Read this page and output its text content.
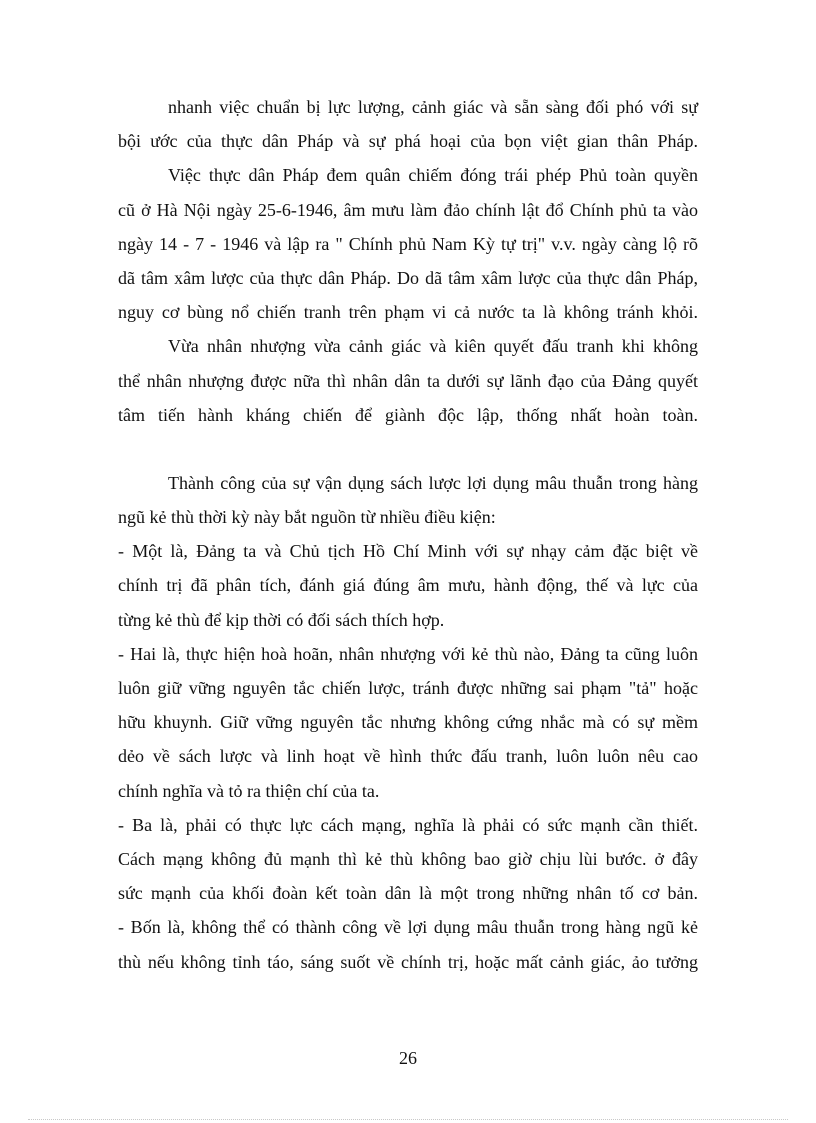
nhanh việc chuẩn bị lực lượng, cảnh giác và sẵn sàng đối phó với sự
bội ước của thực dân Pháp và sự phá hoại của bọn việt gian thân Pháp.
Việc thực dân Pháp đem quân chiếm đóng trái phép Phủ toàn quyền
cũ ở Hà Nội ngày 25-6-1946, âm mưu làm đảo chính lật đổ Chính phủ ta vào
ngày 14 - 7 - 1946 và lập ra " Chính phủ Nam Kỳ tự trị" v.v. ngày càng lộ rõ
dã tâm xâm lược của thực dân Pháp. Do dã tâm xâm lược của thực dân Pháp,
nguy cơ bùng nổ chiến tranh trên phạm vi cả nước ta là không tránh khỏi.
Vừa nhân nhượng vừa cảnh giác và kiên quyết đấu tranh khi không
thể nhân nhượng được nữa thì nhân dân ta dưới sự lãnh đạo của Đảng quyết
tâm tiến hành kháng chiến để giành độc lập, thống nhất hoàn toàn.
Thành công của sự vận dụng sách lược lợi dụng mâu thuẫn trong hàng
ngũ kẻ thù thời kỳ này bắt nguồn từ nhiều điều kiện:
- Một là, Đảng ta và Chủ tịch Hồ Chí Minh với sự nhạy cảm đặc biệt về
chính trị đã phân tích, đánh giá đúng âm mưu, hành động, thế và lực của
từng kẻ thù để kịp thời có đối sách thích hợp.
- Hai là, thực hiện hoà hoãn, nhân nhượng với kẻ thù nào, Đảng ta cũng luôn
luôn giữ vững nguyên tắc chiến lược, tránh được những sai phạm "tả" hoặc
hữu khuynh. Giữ vững nguyên tắc nhưng không cứng nhắc mà có sự mềm
dẻo về sách lược và linh hoạt về hình thức đấu tranh, luôn luôn nêu cao
chính nghĩa và tỏ ra thiện chí của ta.
- Ba là, phải có thực lực cách mạng, nghĩa là phải có sức mạnh cần thiết.
Cách mạng không đủ mạnh thì kẻ thù không bao giờ chịu lùi bước. ở đây
sức mạnh của khối đoàn kết toàn dân là một trong những nhân tố cơ bản.
- Bốn là, không thể có thành công về lợi dụng mâu thuẫn trong hàng ngũ kẻ
thù nếu không tỉnh táo, sáng suốt về chính trị, hoặc mất cảnh giác, ảo tưởng
26
